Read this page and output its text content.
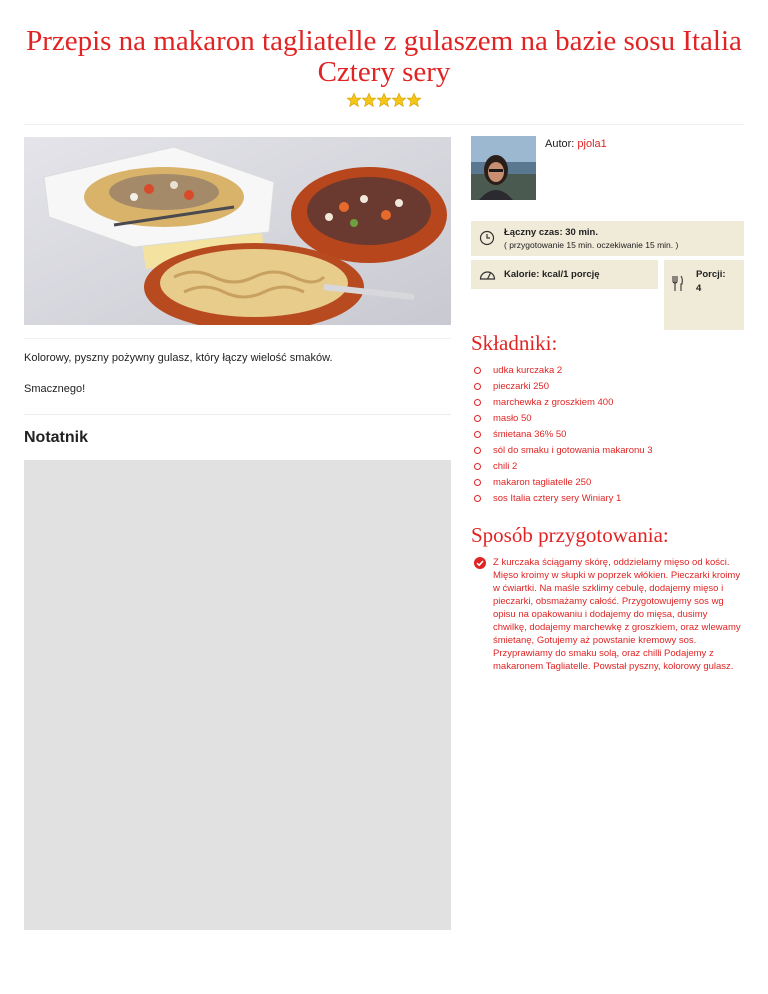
Przepis na makaron tagliatelle z gulaszem na bazie sosu Italia Cztery sery
Kolorowy, pyszny pożywny gulasz, który łączy wielość smaków.
Smacznego!
Notatnik
Autor: pjola1
Łączny czas: 30 min.
( przygotowanie 15 min. oczekiwanie 15 min. )
Kalorie: kcal/1 porcję	Porcji:
4
Składniki:
udka kurczaka 2
pieczarki 250
marchewka z groszkiem 400
masło 50
śmietana 36% 50
sól do smaku i gotowania makaronu 3
chili 2
makaron tagliatelle 250
sos Italia cztery sery Winiary 1
Sposób przygotowania:
Z kurczaka ściągamy skórę, oddzielamy mięso od kości. Mięso kroimy w słupki w poprzek włókien. Pieczarki kroimy w ćwiartki. Na maśle szklimy cebulę, dodajemy mięso i pieczarki, obsmażamy całość. Przygotowujemy sos wg opisu na opakowaniu i dodajemy do mięsa, dusimy chwilkę, dodajemy marchewkę z groszkiem, oraz wlewamy śmietanę, Gotujemy aż powstanie kremowy sos. Przyprawiamy do smaku solą, oraz chilli Podajemy z makaronem Tagliatelle. Powstał pyszny, kolorowy gulasz.
